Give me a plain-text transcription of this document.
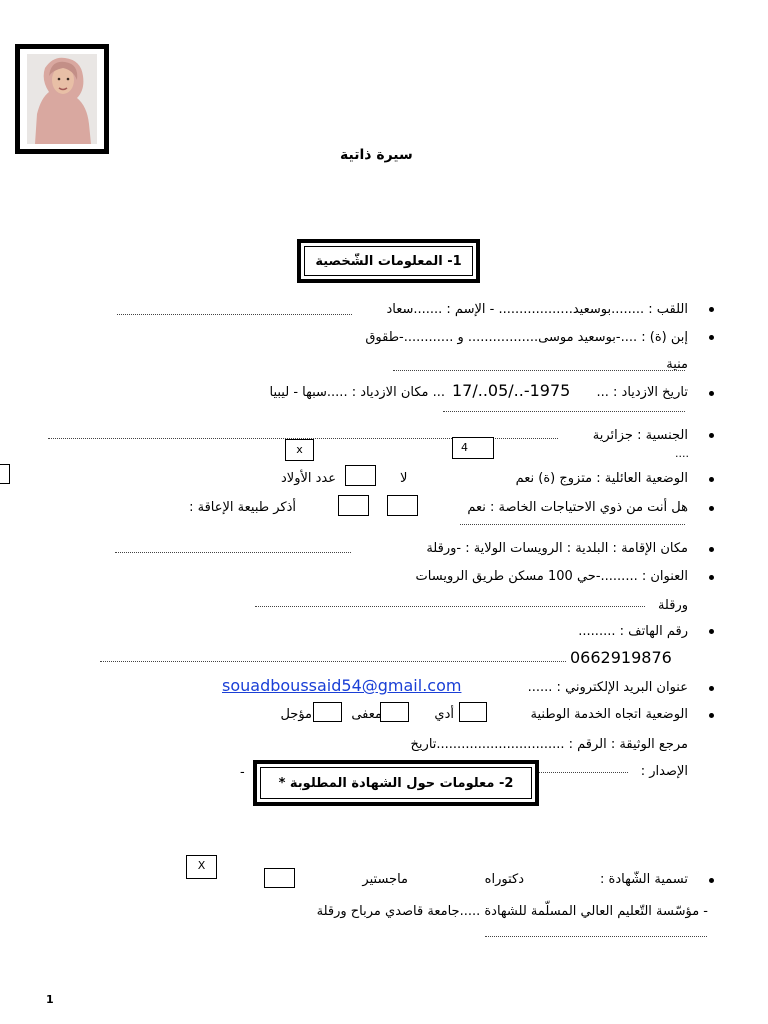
سيرة ذاتية
1- المعلومات الشّخصية
اللقب : ........بوسعيد.................. - الإسم : .......سعاد
إبن (ة) : ....-بوسعيد موسى................. و ............-طقوق
منية
تاريخ الازدياد : ...
17/..05/..-1975
... مكان الازدياد : .....سبها - ليبيا
الجنسية : جزائرية
x	4	....
الوضعية العائلية : متزوج (ة) نعم
لا
عدد الأولاد
هل أنت من ذوي الاحتياجات الخاصة : نعم
أذكر طبيعة الإعاقة :
مكان الإقامة : البلدية : الرويسات الولاية : -ورقلة
العنوان : .........-حي 100 مسكن طريق الرويسات
ورقلة
رقم الهاتف : .........
0662919876
عنوان البريد الإلكتروني : ......
souadboussaid54@gmail.com
الوضعية اتجاه الخدمة الوطنية
أدي
معفى
مؤجل
مرجع الوثيقة : الرقم : ...............................تاريخ
الإصدار :
-
2- معلومات حول الشهادة المطلوبة *
X
تسمية الشّهادة :
دكتوراه
ماجستير
- مؤسّسة التّعليم العالي المسلّمة للشهادة .....جامعة قاصدي مرباح ورقلة
1
